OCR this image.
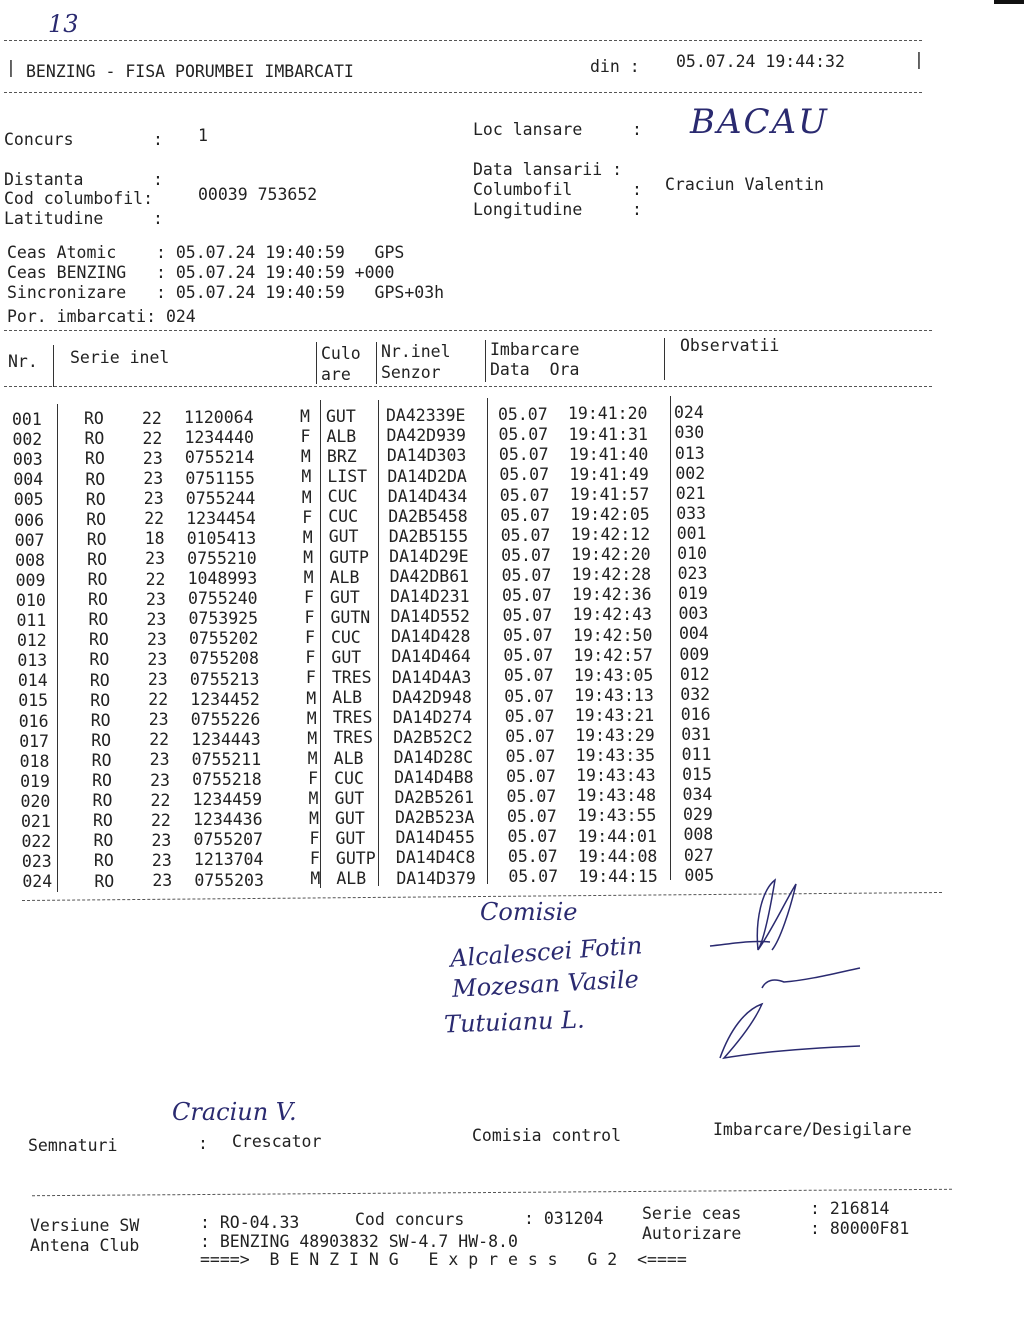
13
| BENZING - FISA PORUMBEI IMBARCATI	din : 05.07.24 19:44:32	|
Concurs        : 1
Distanta       :
Cod columbofil:	00039 753652
Latitudine     :
Loc lansare     : BACAU
Data lansarii :
Columbofil      : Craciun Valentin
Longitudine     :
Ceas Atomic    : 05.07.24 19:40:59   GPS
Ceas BENZING   : 05.07.24 19:40:59 +000
Sincronizare   : 05.07.24 19:40:59   GPS+03h
Por. imbarcati: 024
Nr. Serie inel	Culo
are
Nr.inel
Senzor
Imbarcare
Data  Ora
Observatii
001	RO 22 1120064	M GUT DA42339E 05.07 19:41:20 024
002	RO 22 1234440	F ALB DA42D939 05.07 19:41:31 030
003	RO 23 0755214	M BRZ DA14D303 05.07 19:41:40 013
004	RO 23 0751155	M LIST DA14D2DA 05.07 19:41:49 002
005	RO 23 0755244	M CUC DA14D434 05.07 19:41:57 021
006	RO 22 1234454	F CUC DA2B5458 05.07 19:42:05 033
007	RO 18 0105413	M GUT DA2B5155 05.07 19:42:12 001
008	RO 23 0755210	M GUTP DA14D29E 05.07 19:42:20 010
009	RO 22 1048993	M ALB DA42DB61 05.07 19:42:28 023
010	RO 23 0755240	F GUT DA14D231 05.07 19:42:36 019
011	RO 23 0753925	F GUTN DA14D552 05.07 19:42:43 003
012	RO 23 0755202	F CUC DA14D428 05.07 19:42:50 004
013	RO 23 0755208	F GUT DA14D464 05.07 19:42:57 009
014	RO 23 0755213	F TRES DA14D4A3 05.07 19:43:05 012
015	RO 22 1234452	M ALB DA42D948 05.07 19:43:13 032
016	RO 23 0755226	M TRES DA14D274 05.07 19:43:21 016
017	RO 22 1234443	M TRES DA2B52C2 05.07 19:43:29 031
018	RO 23 0755211	M ALB DA14D28C 05.07 19:43:35 011
019	RO 23 0755218	F CUC DA14D4B8 05.07 19:43:43 015
020	RO 22 1234459	M GUT DA2B5261 05.07 19:43:48 034
021	RO 22 1234436	M GUT DA2B523A 05.07 19:43:55 029
022	RO 23 0755207	F GUT DA14D455 05.07 19:44:01 008
023	RO 23 1213704	F GUTP DA14D4C8 05.07 19:44:08 027
024	RO 23 0755203	M ALB DA14D379 05.07 19:44:15 005
Comisie
Alcalescei Fotin
Mozesan Vasile
Tutuianu L.
Craciun V.
Semnaturi	: Crescator	Comisia control	Imbarcare/Desigilare
Versiune SW	: RO-04.33	Cod concurs	: 031204 Serie ceas	: 216814
Antena Club	: BENZING 48903832 SW-4.7 HW-8.0	Autorizare	: 80000F81
====>  B E N Z I N G   E x p r e s s   G 2  <====
